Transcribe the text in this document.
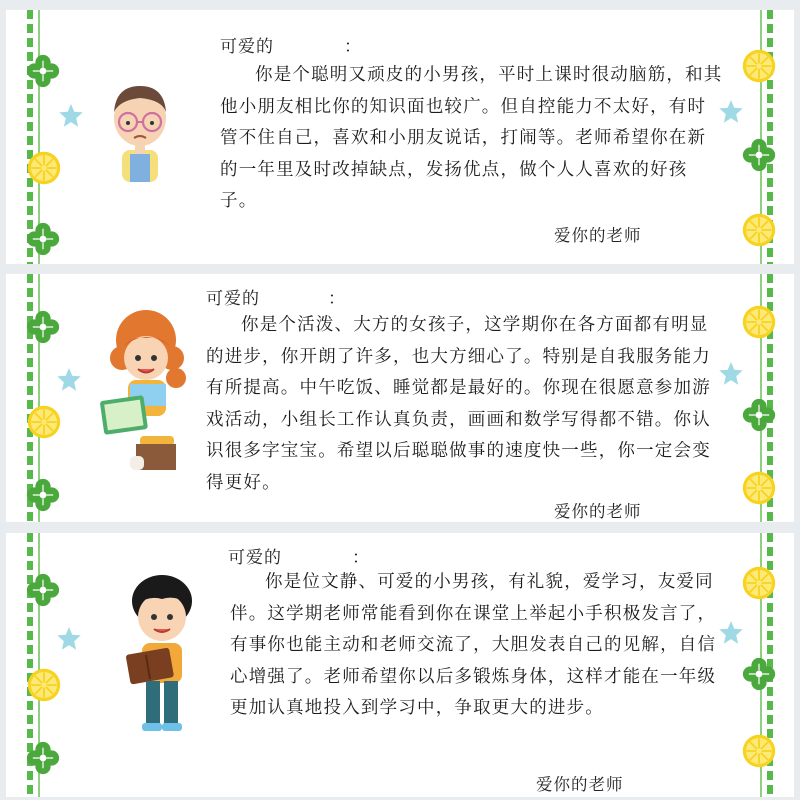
可爱的	：
你是个聪明又顽皮的小男孩，平时上课时很动脑筋，和其他小朋友相比你的知识面也较广。但自控能力不太好，有时管不住自己，喜欢和小朋友说话，打闹等。老师希望你在新的一年里及时改掉缺点，发扬优点，做个人人喜欢的好孩子。
爱你的老师
可爱的	：
你是个活泼、大方的女孩子，这学期你在各方面都有明显的进步，你开朗了许多，也大方细心了。特别是自我服务能力有所提高。中午吃饭、睡觉都是最好的。你现在很愿意参加游戏活动，小组长工作认真负责，画画和数学写得都不错。你认识很多字宝宝。希望以后聪聪做事的速度快一些，你一定会变得更好。
爱你的老师
可爱的	：
你是位文静、可爱的小男孩，有礼貌，爱学习，友爱同伴。这学期老师常能看到你在课堂上举起小手积极发言了，有事你也能主动和老师交流了，大胆发表自己的见解，自信心增强了。老师希望你以后多锻炼身体，这样才能在一年级更加认真地投入到学习中，争取更大的进步。
爱你的老师
